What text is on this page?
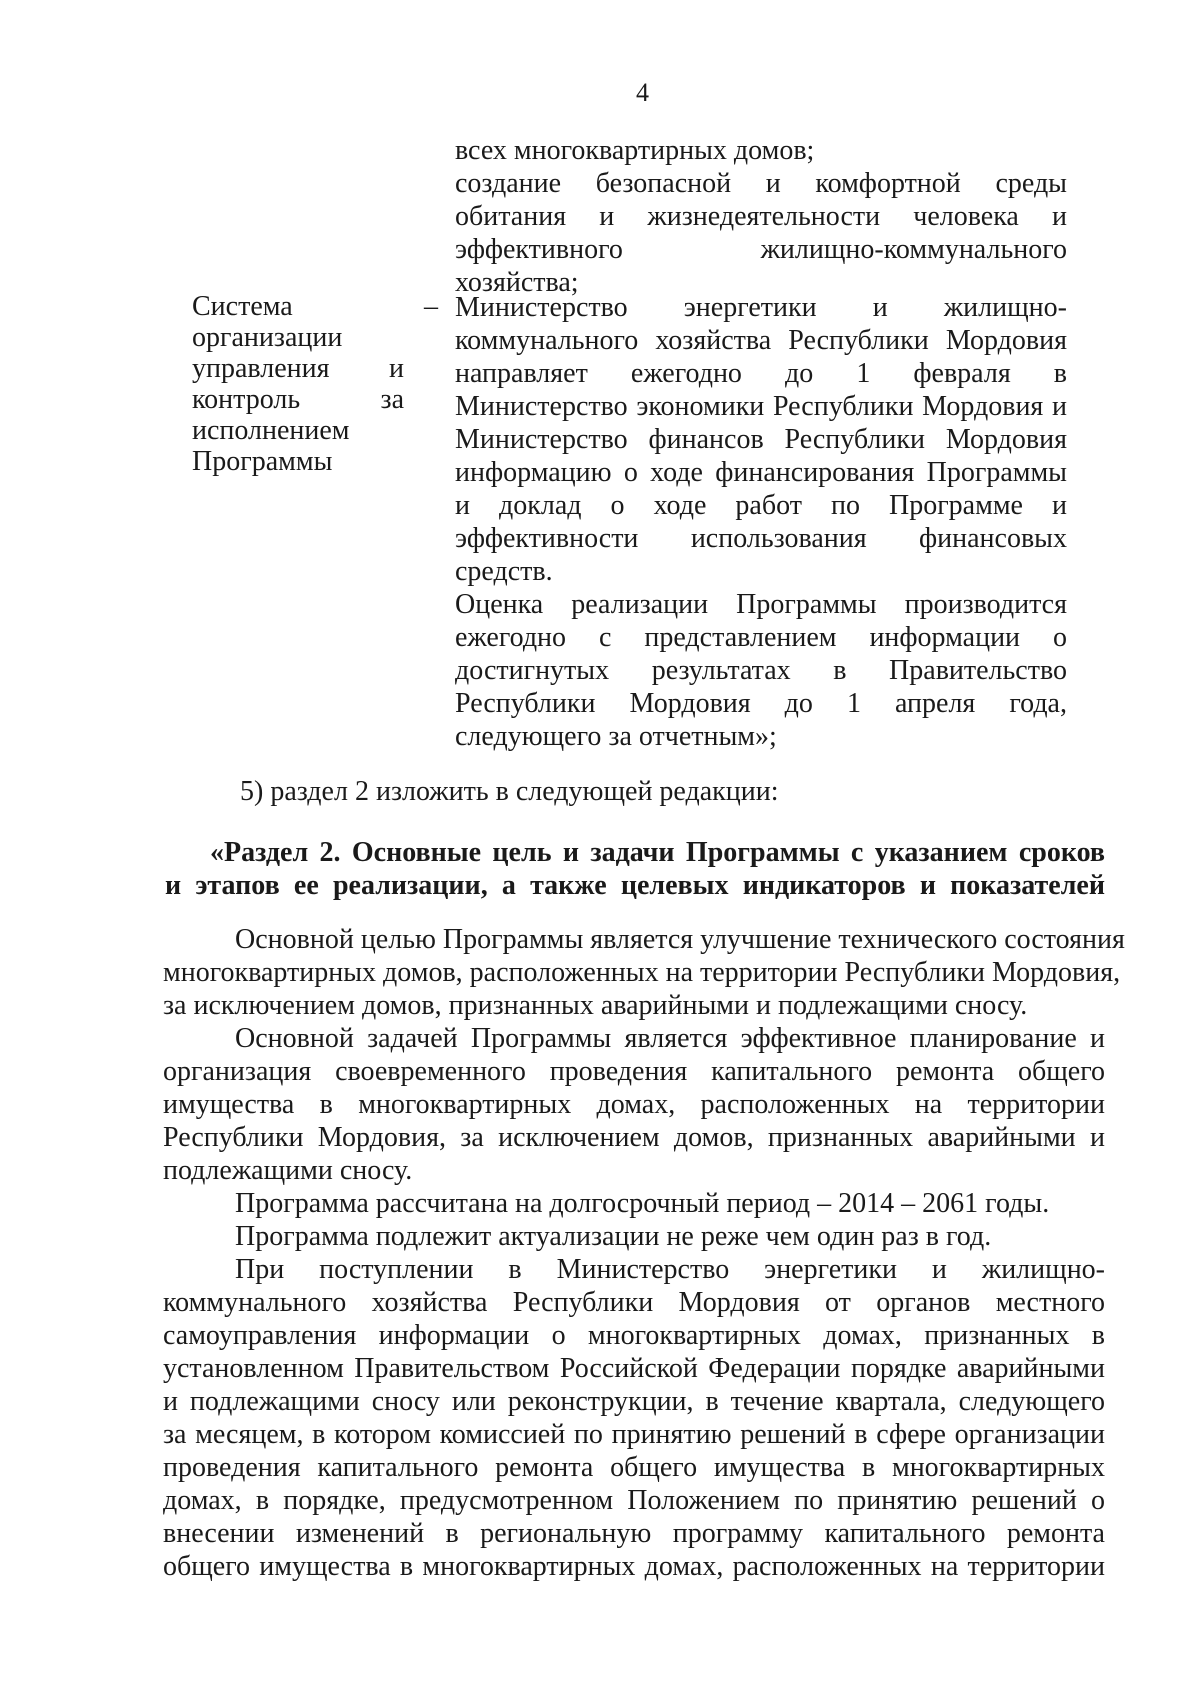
4
всех многоквартирных домов;
создание безопасной и комфортной среды
обитания и жизнедеятельности человека и
эффективного жилищно-коммунального
хозяйства;
Система
организации
управления и
контроль за
исполнением
Программы
– Министерство энергетики и жилищно-
коммунального хозяйства Республики Мордовия
направляет ежегодно до 1 февраля в
Министерство экономики Республики Мордовия и
Министерство финансов Республики Мордовия
информацию о ходе финансирования Программы
и доклад о ходе работ по Программе и
эффективности использования финансовых
средств.
Оценка реализации Программы производится
ежегодно с представлением информации о
достигнутых результатах в Правительство
Республики Мордовия до 1 апреля года,
следующего за отчетным»;
5) раздел 2 изложить в следующей редакции:
«Раздел 2. Основные цель и задачи Программы с указанием сроков
и этапов ее реализации, а также целевых индикаторов и показателей
Основной целью Программы является улучшение технического состояния
многоквартирных домов, расположенных на территории Республики Мордовия,
за исключением домов, признанных аварийными и подлежащими сносу.
Основной задачей Программы является эффективное планирование и
организация своевременного проведения капитального ремонта общего
имущества в многоквартирных домах, расположенных на территории
Республики Мордовия, за исключением домов, признанных аварийными и
подлежащими сносу.
Программа рассчитана на долгосрочный период – 2014 – 2061 годы.
Программа подлежит актуализации не реже чем один раз в год.
При поступлении в Министерство энергетики и жилищно-
коммунального хозяйства Республики Мордовия от органов местного
самоуправления информации о многоквартирных домах, признанных в
установленном Правительством Российской Федерации порядке аварийными
и подлежащими сносу или реконструкции, в течение квартала, следующего
за месяцем, в котором комиссией по принятию решений в сфере организации
проведения капитального ремонта общего имущества в многоквартирных
домах, в порядке, предусмотренном Положением по принятию решений о
внесении изменений в региональную программу капитального ремонта
общего имущества в многоквартирных домах, расположенных на территории
